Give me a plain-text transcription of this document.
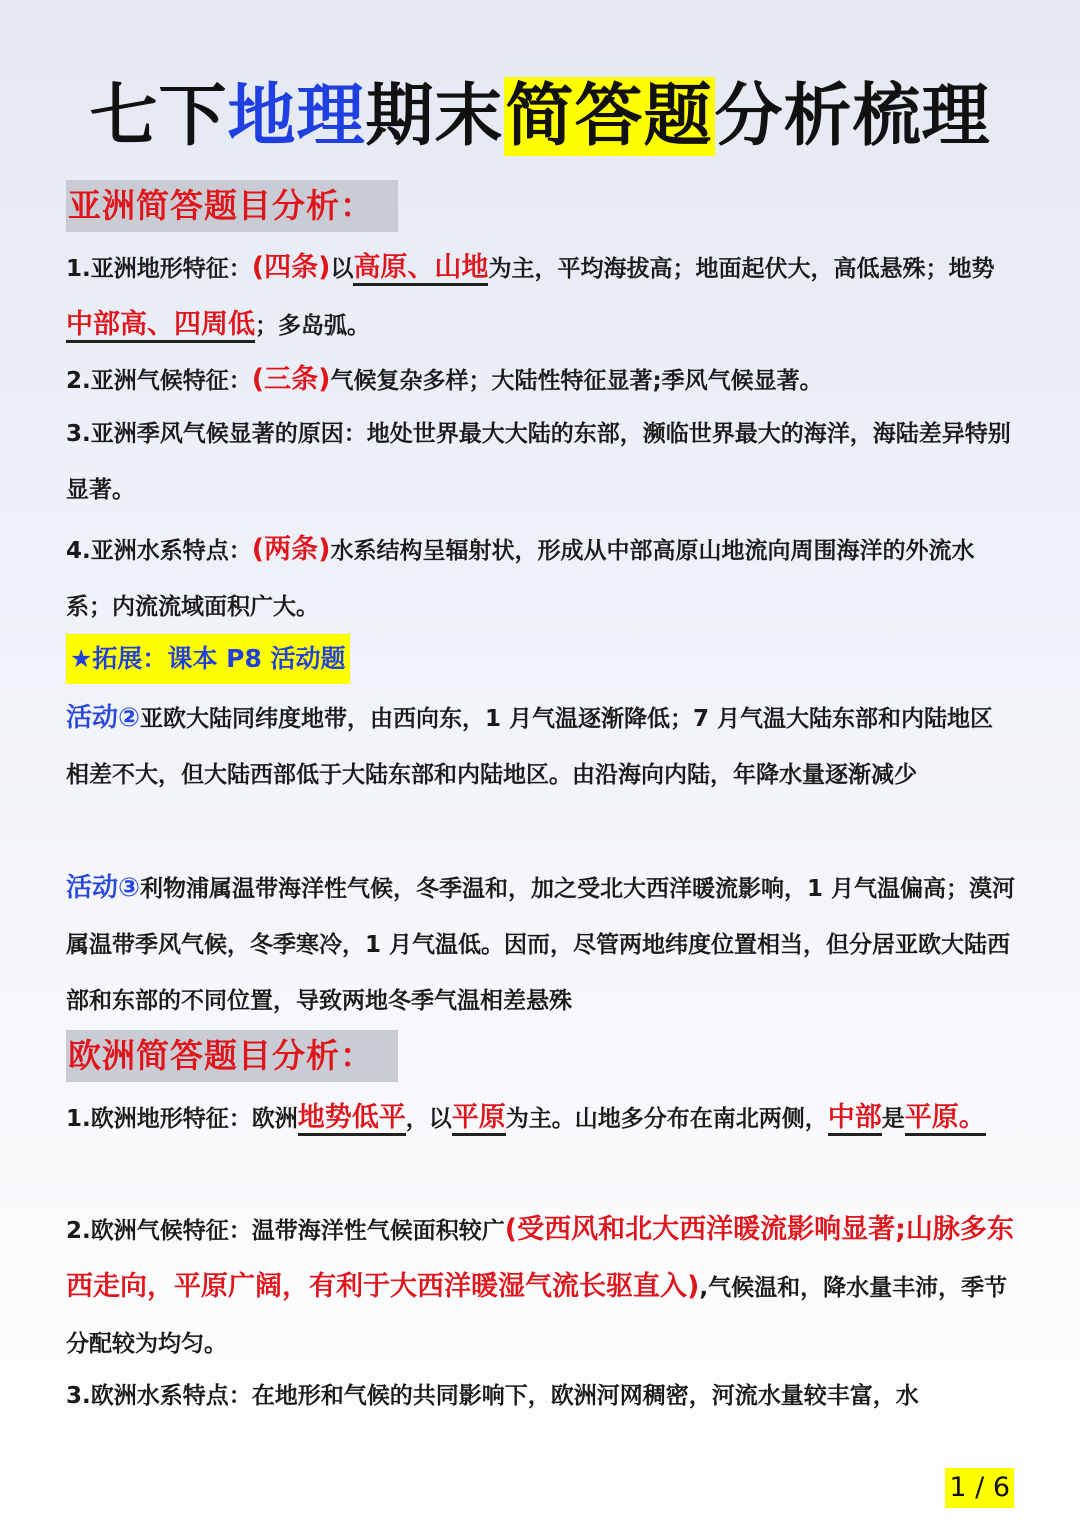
七下地理期末简答题分析梳理
亚洲简答题目分析：
1.亚洲地形特征：(四条)以高原、山地为主，平均海拔高；地面起伏大，高低悬殊；地势中部高、四周低；多岛弧。
2.亚洲气候特征：(三条)气候复杂多样；大陆性特征显著;季风气候显著。
3.亚洲季风气候显著的原因：地处世界最大大陆的东部，濒临世界最大的海洋，海陆差异特别显著。
4.亚洲水系特点：(两条)水系结构呈辐射状，形成从中部高原山地流向周围海洋的外流水系；内流流域面积广大。
★拓展：课本 P8 活动题
活动②亚欧大陆同纬度地带，由西向东，1 月气温逐渐降低；7 月气温大陆东部和内陆地区相差不大，但大陆西部低于大陆东部和内陆地区。由沿海向内陆，年降水量逐渐减少
活动③利物浦属温带海洋性气候，冬季温和，加之受北大西洋暖流影响，1 月气温偏高；漠河属温带季风气候，冬季寒冷，1 月气温低。因而，尽管两地纬度位置相当，但分居亚欧大陆西部和东部的不同位置，导致两地冬季气温相差悬殊
欧洲简答题目分析：
1.欧洲地形特征：欧洲地势低平，以平原为主。山地多分布在南北两侧，中部是平原。
2.欧洲气候特征：温带海洋性气候面积较广(受西风和北大西洋暖流影响显著;山脉多东西走向，平原广阔，有利于大西洋暖湿气流长驱直入),气候温和，降水量丰沛，季节分配较为均匀。
3.欧洲水系特点：在地形和气候的共同影响下，欧洲河网稠密，河流水量较丰富，水
1 / 6
